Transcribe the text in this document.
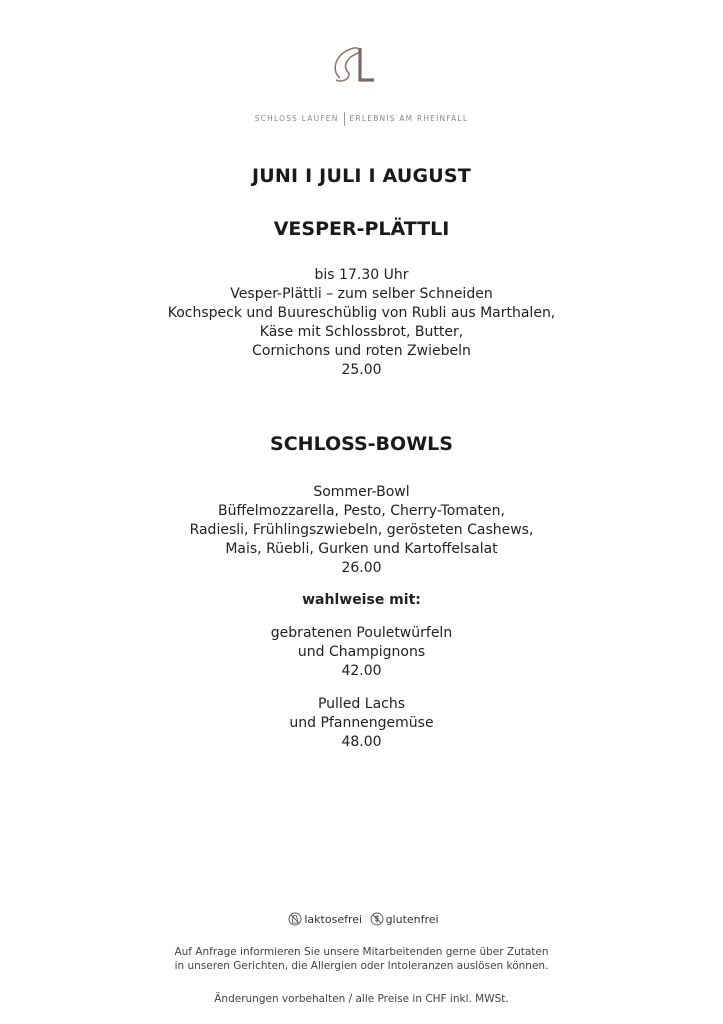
SCHLOSS LAUFEN ERLEBNIS AM RHEINFALL
JUNI I JULI I AUGUST
VESPER-PLÄTTLI
bis 17.30 Uhr
Vesper-Plättli – zum selber Schneiden
Kochspeck und Buureschüblig von Rubli aus Marthalen,
Käse mit Schlossbrot, Butter,
Cornichons und roten Zwiebeln
25.00
SCHLOSS-BOWLS
Sommer-Bowl
Büffelmozzarella, Pesto, Cherry-Tomaten,
Radiesli, Frühlingszwiebeln, gerösteten Cashews,
Mais, Rüebli, Gurken und Kartoffelsalat
26.00
wahlweise mit:
gebratenen Pouletwürfeln
und Champignons
42.00
Pulled Lachs
und Pfannengemüse
48.00
laktosefrei glutenfrei
Auf Anfrage informieren Sie unsere Mitarbeitenden gerne über Zutaten
in unseren Gerichten, die Allergien oder Intoleranzen auslösen können.
Änderungen vorbehalten / alle Preise in CHF inkl. MWSt.
